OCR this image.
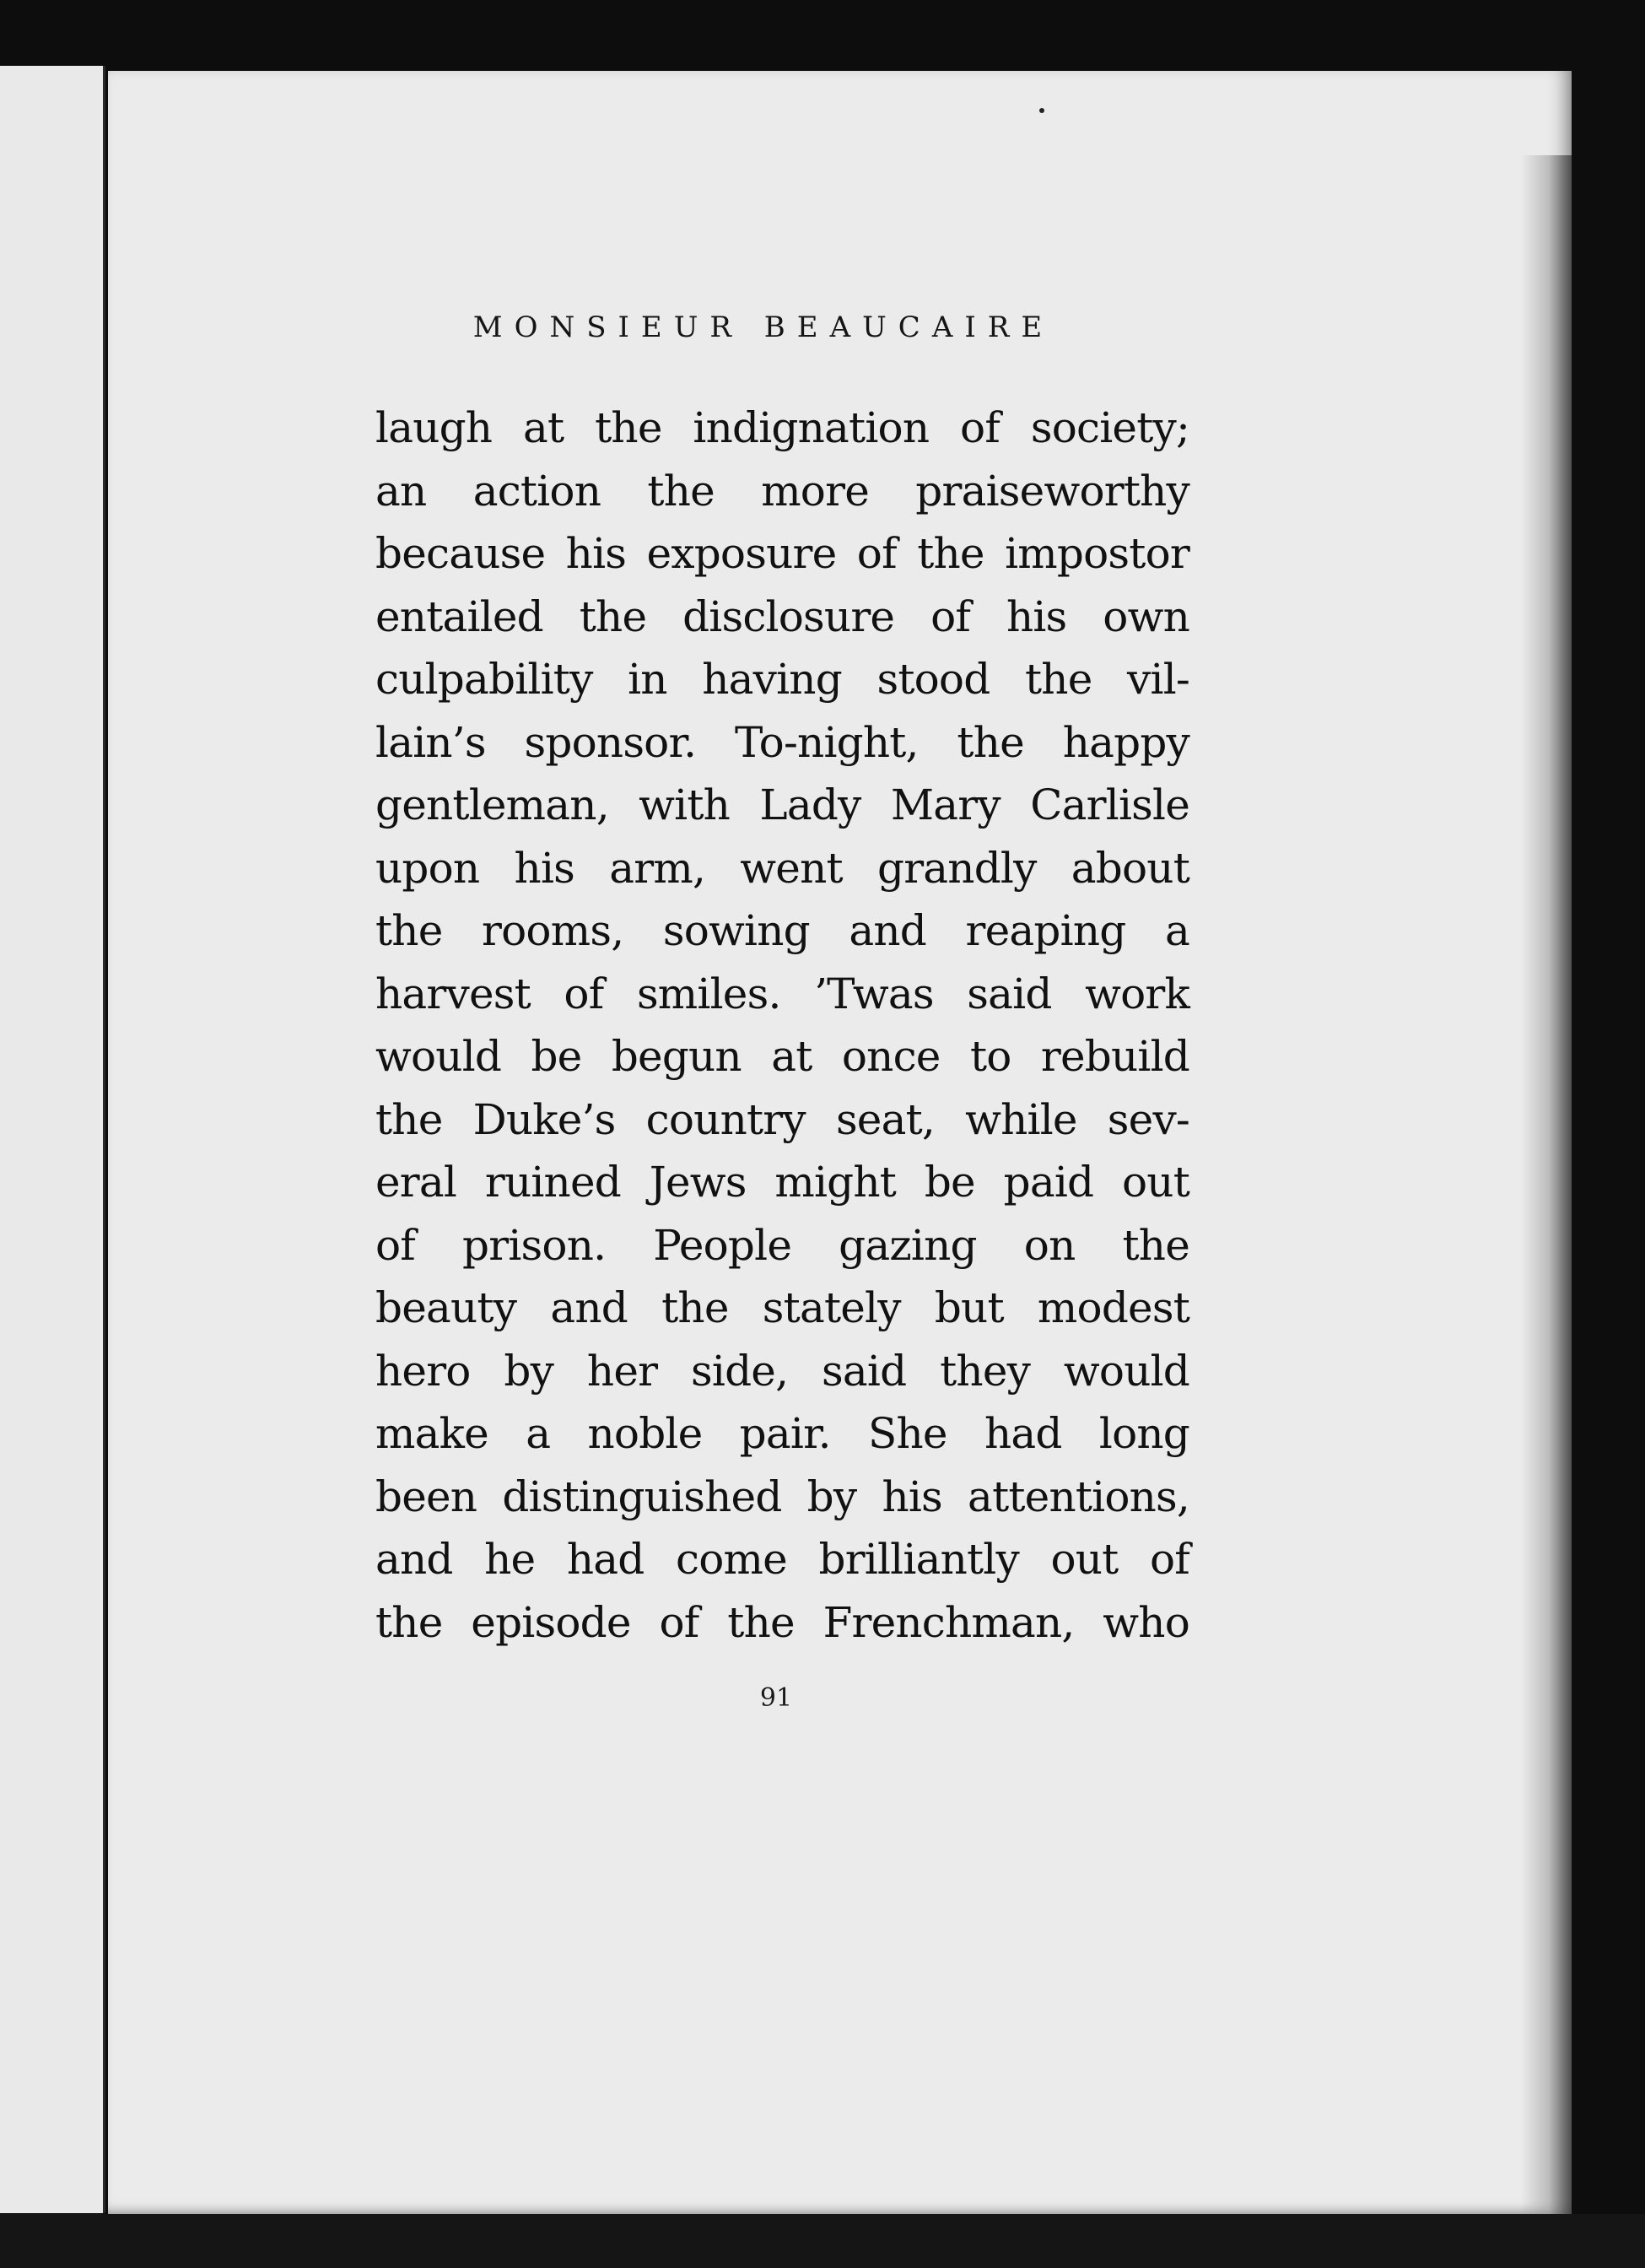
MONSIEUR BEAUCAIRE
laugh at the indignation of society;
an action the more praiseworthy
because his exposure of the impostor
entailed the disclosure of his own
culpability in having stood the vil-
lain’s sponsor. To-night, the happy
gentleman, with Lady Mary Carlisle
upon his arm, went grandly about
the rooms, sowing and reaping a
harvest of smiles. ’Twas said work
would be begun at once to rebuild
the Duke’s country seat, while sev-
eral ruined Jews might be paid out
of prison. People gazing on the
beauty and the stately but modest
hero by her side, said they would
make a noble pair. She had long
been distinguished by his attentions,
and he had come brilliantly out of
the episode of the Frenchman, who
91
